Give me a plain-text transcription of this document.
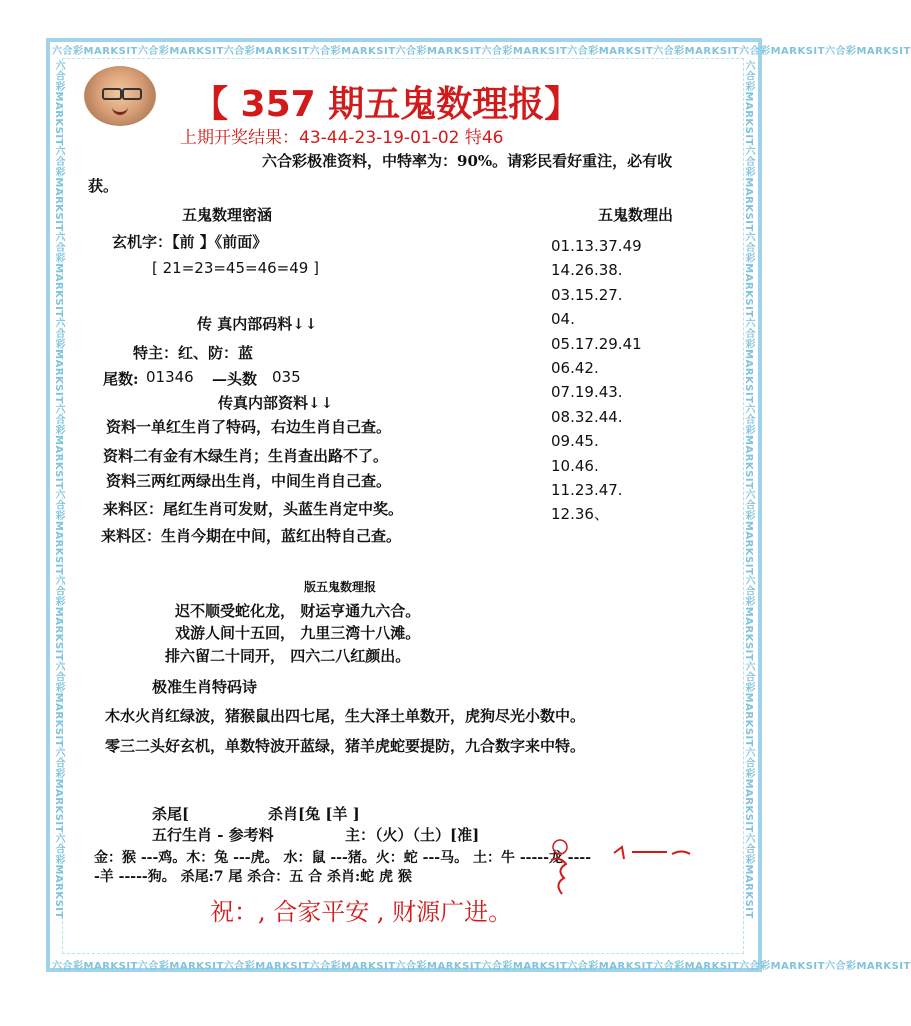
六合彩MARKSIT六合彩MARKSIT六合彩MARKSIT六合彩MARKSIT六合彩MARKSIT六合彩MARKSIT六合彩MARKSIT六合彩MARKSIT六合彩MARKSIT六合彩MARKSIT
六合彩MARKSIT六合彩MARKSIT六合彩MARKSIT六合彩MARKSIT六合彩MARKSIT六合彩MARKSIT六合彩MARKSIT六合彩MARKSIT六合彩MARKSIT六合彩MARKSIT
六合彩MARKSIT六合彩MARKSIT六合彩MARKSIT六合彩MARKSIT六合彩MARKSIT六合彩MARKSIT六合彩MARKSIT六合彩MARKSIT六合彩MARKSIT六合彩MARKSIT	六合彩MARKSIT六合彩MARKSIT六合彩MARKSIT六合彩MARKSIT六合彩MARKSIT六合彩MARKSIT六合彩MARKSIT六合彩MARKSIT六合彩MARKSIT六合彩MARKSIT
【 357 期五鬼数理报】
上期开奖结果：43-44-23-19-01-02 特46
六合彩极准资料，中特率为：90%。请彩民看好重注，必有收
获。
五鬼数理密涵
玄机字：【前 】《前面》
[ 21=23=45=46=49 ]
传 真内部码料↓↓
特主：红、防：蓝
尾数: 01346 —头数 035
传真内部资料↓↓
资料一单红生肖了特码，右边生肖自己查。
资料二有金有木绿生肖；生肖查出路不了。
资料三两红两绿出生肖，中间生肖自己查。
来料区：尾红生肖可发财，头蓝生肖定中奖。
来料区：生肖今期在中间，蓝红出特自己查。
五鬼数理出
01.13.37.49
14.26.38.
03.15.27.
04.
05.17.29.41
06.42.
07.19.43.
08.32.44.
09.45.
10.46.
11.23.47.
12.36、
版五鬼数理报
迟不顺受蛇化龙， 财运亨通九六合。
戏游人间十五回， 九里三湾十八滩。
排六留二十同开， 四六二八红颜出。
极准生肖特码诗
木水火肖红绿波，猪猴鼠出四七尾，生大泽土单数开，虎狗尽光小数中。
零三二头好玄机，单数特波开蓝绿，猪羊虎蛇要提防，九合数字来中特。
杀尾[	杀肖[兔 [羊 ]
五行生肖 - 参考料	主：（火）（土）[准]
金：猴 ---鸡。木：兔 ---虎。 水：鼠 ---猪。火：蛇 ---马。 土：牛 -----龙 ----
-羊 -----狗。 杀尾:7 尾 杀合：五 合 杀肖:蛇 虎 猴
祝：, 合家平安 , 财源广进。
